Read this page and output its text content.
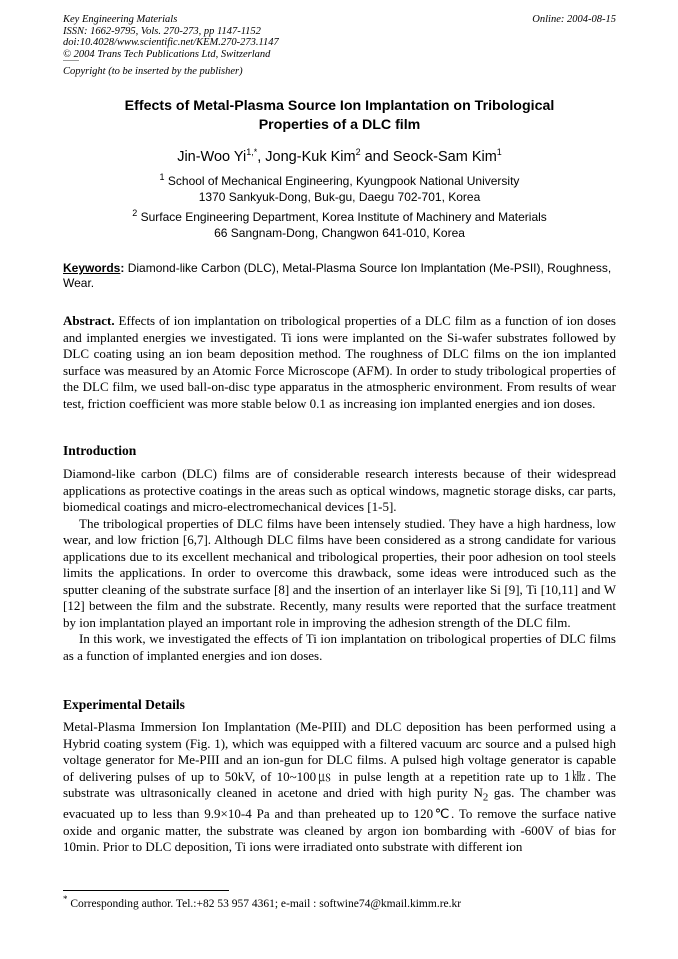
Key Engineering Materials
ISSN: 1662-9795, Vols. 270-273, pp 1147-1152
doi:10.4028/www.scientific.net/KEM.270-273.1147
© 2004 Trans Tech Publications Ltd, Switzerland
Online: 2004-08-15
Copyright (to be inserted by the publisher)
Effects of Metal-Plasma Source Ion Implantation on Tribological
Properties of a DLC film
Jin-Woo $Yi^{1,*}$, Jong-Kuk Kim$^2$ and Seock-Sam Kim$^1$
$^1$ School of Mechanical Engineering, Kyungpook National University
1370 Sankyuk-Dong, Buk-gu, Daegu 702-701, Korea
$^2$ Surface Engineering Department, Korea Institute of Machinery and Materials
66 Sangnam-Dong, Changwon 641-010, Korea
Keywords: Diamond-like Carbon (DLC), Metal-Plasma Source Ion Implantation (Me-PSII), Roughness, Wear.

Abstract. Effects of ion implantation on tribological properties of a DLC film as a function of ion doses and implanted energies we investigated. Ti ions were implanted on the Si-wafer substrates followed by DLC coating using an ion beam deposition method. The roughness of DLC films on the ion implanted surface was measured by an Atomic Force Microscope (AFM). In order to study tribological properties of the DLC film, we used ball-on-disc type apparatus in the atmospheric environment. From results of wear test, friction coefficient was more stable below 0.1 as increasing ion implanted energies and ion doses.

Introduction

Diamond-like carbon (DLC) films are of considerable research interests because of their widespread applications as protective coatings in the areas such as optical windows, magnetic storage disks, car parts, biomedical coatings and micro-electromechanical devices [1-5].

The tribological properties of DLC films have been intensely studied. They have a high hardness, low wear, and low friction [6,7]. Although DLC films have been considered as a strong candidate for various applications due to its excellent mechanical and tribological properties, their poor adhesion on tool steels limits the applications. In order to overcome this drawback, some ideas were introduced such as the sputter cleaning of the substrate surface [8] and the insertion of an interlayer like Si [9], Ti [10,11] and W [12] between the film and the substrate. Recently, many results were reported that the surface treatment by ion implantation played an important role in improving the adhesion strength of the DLC film.

In this work, we investigated the effects of Ti ion implantation on tribological properties of DLC films as a function of implanted energies and ion doses.

Experimental Details

Metal-Plasma Immersion Ion Implantation (Me-PIII) and DLC deposition has been performed using a Hybrid coating system (Fig. 1), which was equipped with a filtered vacuum arc source and a pulsed high voltage generator for Me-PIII and an ion-gun for DLC films. A pulsed high voltage generator is capable of delivering pulses of up to 50kV, of 10~100㎲ in pulse length at a repetition rate up to 1㎑. The substrate was ultrasonically cleaned in acetone and dried with high purity $N_2$ gas. The chamber was evacuated up to less than 9.9×10-4 Pa and than preheated up to 120℃. To remove the surface native oxide and organic matter, the substrate was cleaned by argon ion bombarding with -600V of bias for 10min. Prior to DLC deposition, Ti ions were irradiated onto substrate with different ion

* Corresponding author. Tel.:+82 53 957 4361; e-mail : softwine74@kmail.kimm.re.kr
